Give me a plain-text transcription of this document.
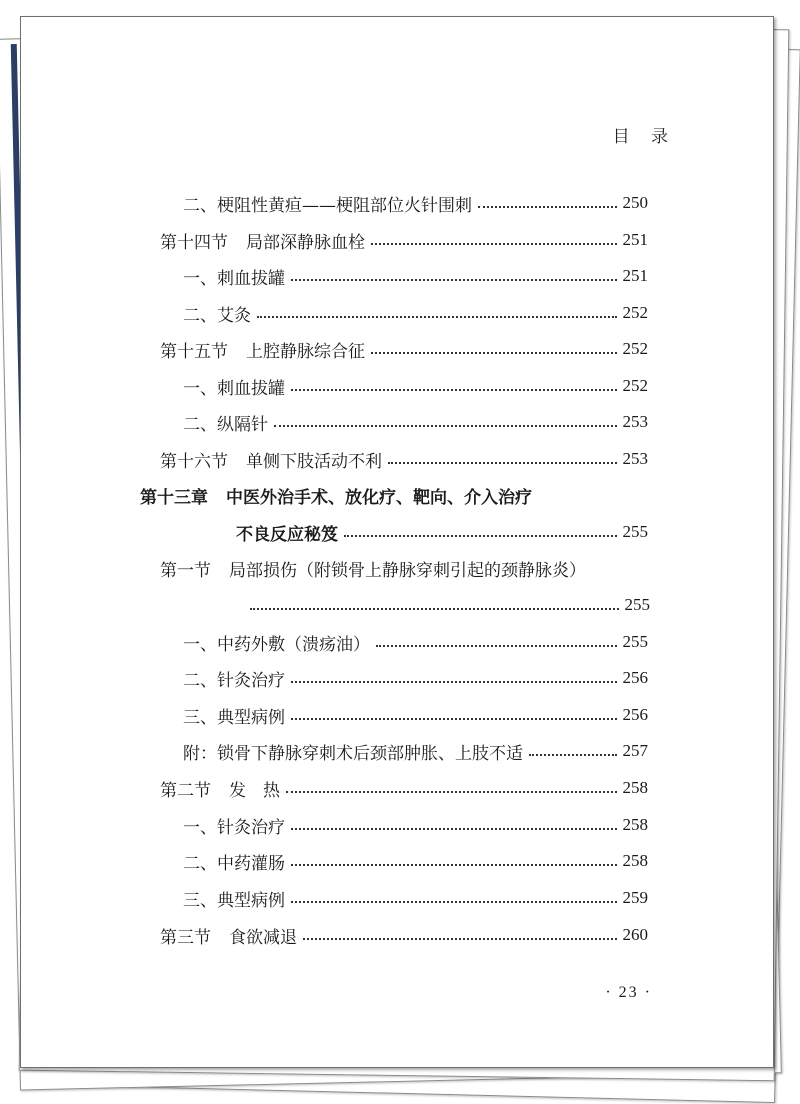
目 录
二、梗阻性黄疸——梗阻部位火针围刺	250
第十四节 局部深静脉血栓	251
一、刺血拔罐	251
二、艾灸	252
第十五节 上腔静脉综合征	252
一、刺血拔罐	252
二、纵隔针	253
第十六节 单侧下肢活动不利	253
第十三章 中医外治手术、放化疗、靶向、介入治疗
不良反应秘笈	255
第一节 局部损伤（附锁骨上静脉穿刺引起的颈静脉炎）
255
一、中药外敷（溃疡油）	255
二、针灸治疗	256
三、典型病例	256
附：锁骨下静脉穿刺术后颈部肿胀、上肢不适	257
第二节 发　热	258
一、针灸治疗	258
二、中药灌肠	258
三、典型病例	259
第三节 食欲减退	260
· 23 ·
